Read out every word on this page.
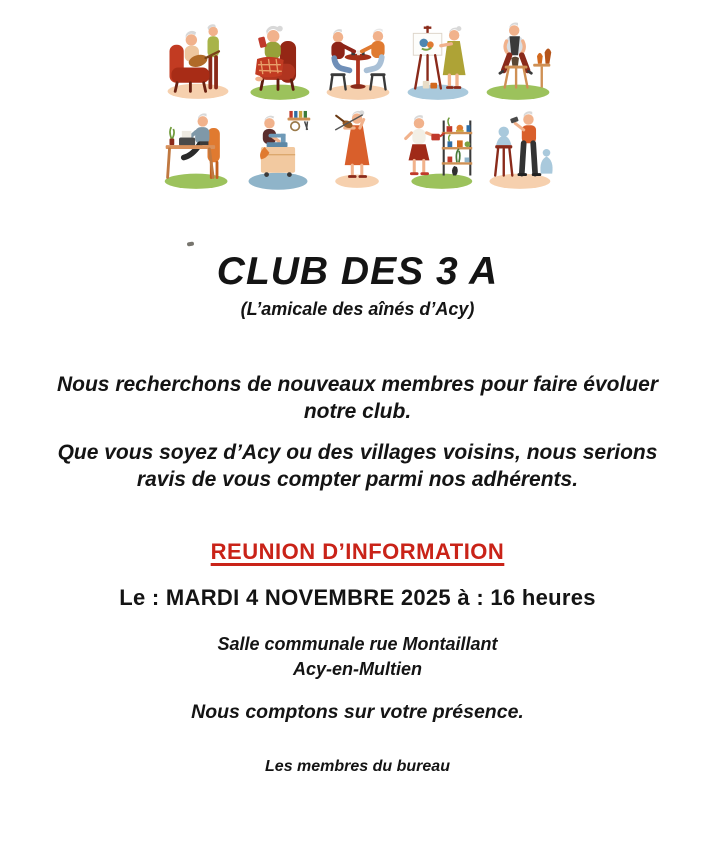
CLUB DES 3 A
(L’amicale des aînés d’Acy)
Nous recherchons de nouveaux membres pour faire évoluer
notre club.
Que vous soyez d’Acy ou des villages voisins, nous serions
ravis de vous compter parmi nos adhérents.
REUNION D’INFORMATION
Le : MARDI 4 NOVEMBRE 2025 à : 16 heures
Salle communale rue Montaillant
Acy-en-Multien
Nous comptons sur votre présence.
Les membres du bureau
